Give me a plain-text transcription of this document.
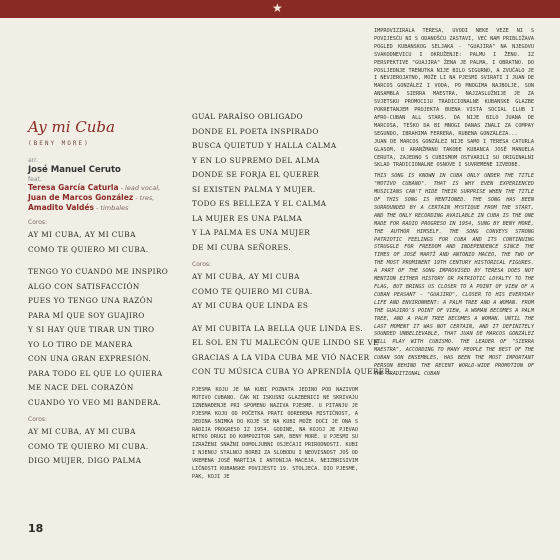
★
Ay mi Cuba
(BENY MORE)
arr.
José Manuel Ceruto
feat.
Teresa García Caturla - lead vocal,
Juan de Marcos González - tres,
Amadito Valdés - timbales
Coros:
AY MI CUBA, AY MI CUBA
COMO TE QUIERO MI CUBA.
TENGO YO CUANDO ME INSPIRO
ALGO CON SATISFACCIÓN
PUES YO TENGO UNA RAZÓN
PARA MÍ QUE SOY GUAJIRO
Y SI HAY QUE TIRAR UN TIRO
YO LO TIRO DE MANERA
CON UNA GRAN EXPRESIÓN.
PARA TODO EL QUE LO QUIERA
ME NACE DEL CORAZÓN
CUANDO YO VEO MI BANDERA.
Coros:
AY MI CUBA, AY MI CUBA
COMO TE QUIERO MI CUBA.
DIGO MUJER, DIGO PALMA
GUAL PARAÍSO OBLIGADO
DONDE EL POETA INSPIRADO
BUSCA QUIETUD Y HALLA CALMA
Y EN LO SUPREMO DEL ALMA
DONDE SE FORJA EL QUERER
SI EXISTEN PALMA Y MUJER.
TODO ES BELLEZA Y EL CALMA
LA MUJER ES UNA PALMA
Y LA PALMA ES UNA MUJER
DE MI CUBA SEÑORES.
Coros:
AY MI CUBA, AY MI CUBA
COMO TE QUIERO MI CUBA.
AY MI CUBA QUE LINDA ES
AY MI CUBITA LA BELLA QUE LINDA ES.
EL SOL EN TU MALECÓN QUE LINDO SE VE
GRACIAS A LA VIDA CUBA ME VIÓ NACER
CON TU MÚSICA CUBA YO APRENDÍA QUERER.
PJESMA KOJU JE NA KUBI POZNATA JEDINO POD NAZIVOM MOTIVO CUBANO. ČAK NI ISKUSNI GLAZBENICI NE SKRIVAJU IZNENAĐENJE PRI SPOMENU NAZIVA PJESME. U PITANJU JE PJESMA KOJU OD POČETKA PRATI ODREĐENA MISTIČNOST, A JEDINA SNIMKA DO KOJE SE NA KUBI MOŽE DOĆI JE ONA S RADIJA PROGRESO IZ 1954. GODINE, NA KOJOJ JE PJEVAO NITKO DRUGI DO KOMPOZITOR SAM, BENY MORÉ. U PJESMI SU IZRAŽENI SNAŽNI DOMOLJUBNI OSJEĆAJI PRIRODNOSTI. KUBI I NJENOJ STALNOJ BORBI ZA SLOBODU I NEOVISNOST JOŠ OD VREMENA JOSÉ MARTÍJA I ANTONIJA MACEJA, NEIZBRISIVIM LIČNOSTI KUBANSKE POVIJESTI 19. STOLJEĆA. DIO PJESME, PAK, KOJI JE
IMPROVIZIRALA TERESA, UVODI NEKE VEZE NI S POVIJESĆU NI S ODANOŠĆU ZASTAVI, VEĆ NAM PRIBLIŽAVA POGLED KUBANSKOG SELJAKA - "GUAJIRA" NA NJEGOVU SVAKODNEVICU I OKRUŽENJE: PALMU I ŽENU. IZ PERSPEKTIVE "GUAJIRA" ŽENA JE PALMA, I OBRATNO. DO POSLJEDNJE TRENUTKA NIJE BILO SIGURNO, A ZVUČALO JE I NEVJEROJATNO, MOŽE LI NA PJESMI SVIRATI I JUAN DE MARCOS GONZÁLEZ I VODA, PO MNOGIMA NAJBOLJE, SON ANSAMBLA SIERRA MAESTRA, NAJZASLUŽNIJE JE ZA SVJETSKU PROMOCIJU TRADICIONALNE KUBANSKE GLAZBE POKRETANJEM PROJEKTA BUENA VISTA SOCIAL CLUB I AFRO-CUBAN ALL STARS. DA NIJE BILO JUANA DE MARCOSA, TEŠKO DA BI MNOGI DANAS ZNALI ZA COMPAY SEGUNDO, IBRAHIMA FERRERA, RUBENA GONZÁLEZA...
JUAN DE MARCOS GONZÁLEZ NIJE SAMO I TERESA CATURLA GLASOM, U ARANŽMANU TAKOĐE KUBANCA JOSÉ MANUELA CERUTA, ZAJEDNO S CUBISMOM OSTVARILI SU ORIGINALNI SKLAD TRADICIONALNE OSNOVE I SUVREMENE IZVEDBE.
THIS SONG IS KNOWN IN CUBA ONLY UNDER THE TITLE "MOTIVO CUBANO". THAT IS WHY EVEN EXPERIENCED MUSICIANS CAN'T HIDE THEIR SURPRISE WHEN THE TITLE OF THIS SONG IS MENTIONED. THE SONG HAS BEEN SURROUNDED BY A CERTAIN MYSTIQUE FROM THE START, AND THE ONLY RECORDING AVAILABLE IN CUBA IS THE ONE MADE FOR RADIO PROGRESO IN 1954, SUNG BY BENY MORÉ, THE AUTHOR HIMSELF. THE SONG CONVEYS STRONG PATRIOTIC FEELINGS FOR CUBA AND ITS CONTINUING STRUGGLE FOR FREEDOM AND INDEPENDENCE SINCE THE TIMES OF JOSÉ MARTÍ AND ANTONIO MACEO, THE TWO OF THE MOST PROMINENT 19TH CENTURY HISTORICAL FIGURES. A PART OF THE SONG IMPROVISED BY TERESA DOES NOT MENTION EITHER HISTORY OR PATRIOTIC LOYALTY TO THE FLAG, BUT BRINGS US CLOSER TO A POINT OF VIEW OF A CUBAN PEASANT - "GUAJIRO", CLOSER TO HIS EVERYDAY LIFE AND ENVIRONMENT: A PALM TREE AND A WOMAN. FROM THE GUAJIRO'S POINT OF VIEW, A WOMAN BECOMES A PALM TREE, AND A PALM TREE BECOMES A WOMAN. UNTIL THE LAST MOMENT IT WAS NOT CERTAIN, AND IT DEFINITELY SOUNDED UNBELIEVABLE, THAT JUAN DE MARCOS GONZÁLEZ WILL PLAY WITH CUBISMO. THE LEADER OF "SIERRA MAESTRA", ACCORDING TO MANY PEOPLE THE BEST OF THE CUBAN SON ENSEMBLES, HAS BEEN THE MOST IMPORTANT PERSON BEHIND THE RECENT WORLD-WIDE PROMOTION OF THE TRADITIONAL CUBAN
18
